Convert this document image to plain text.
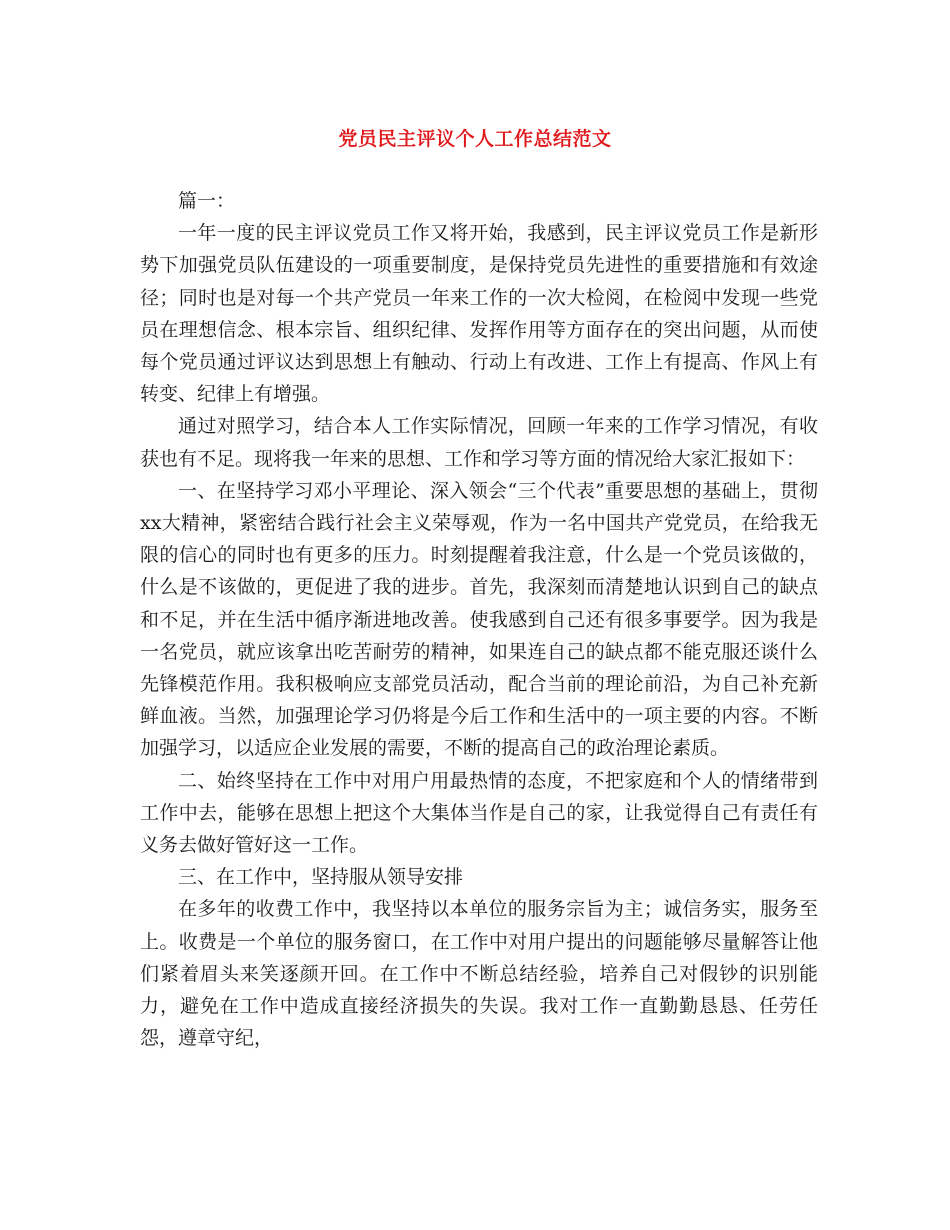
党员民主评议个人工作总结范文

篇一：

一年一度的民主评议党员工作又将开始，我感到，民主评议党员工作是新形势下加强党员队伍建设的一项重要制度，是保持党员先进性的重要措施和有效途径；同时也是对每一个共产党员一年来工作的一次大检阅，在检阅中发现一些党员在理想信念、根本宗旨、组织纪律、发挥作用等方面存在的突出问题，从而使每个党员通过评议达到思想上有触动、行动上有改进、工作上有提高、作风上有转变、纪律上有增强。

通过对照学习，结合本人工作实际情况，回顾一年来的工作学习情况，有收获也有不足。现将我一年来的思想、工作和学习等方面的情况给大家汇报如下：

一、在坚持学习邓小平理论、深入领会“三个代表”重要思想的基础上，贯彻xx大精神，紧密结合践行社会主义荣辱观，作为一名中国共产党党员，在给我无限的信心的同时也有更多的压力。时刻提醒着我注意，什么是一个党员该做的，什么是不该做的，更促进了我的进步。首先，我深刻而清楚地认识到自己的缺点和不足，并在生活中循序渐进地改善。使我感到自己还有很多事要学。因为我是一名党员，就应该拿出吃苦耐劳的精神，如果连自己的缺点都不能克服还谈什么先锋模范作用。我积极响应支部党员活动，配合当前的理论前沿，为自己补充新鲜血液。当然，加强理论学习仍将是今后工作和生活中的一项主要的内容。不断加强学习，以适应企业发展的需要，不断的提高自己的政治理论素质。

二、始终坚持在工作中对用户用最热情的态度，不把家庭和个人的情绪带到工作中去，能够在思想上把这个大集体当作是自己的家，让我觉得自己有责任有义务去做好管好这一工作。

三、在工作中，坚持服从领导安排

在多年的收费工作中，我坚持以本单位的服务宗旨为主；诚信务实，服务至上。收费是一个单位的服务窗口，在工作中对用户提出的问题能够尽量解答让他们紧着眉头来笑逐颜开回。在工作中不断总结经验，培养自己对假钞的识别能力，避免在工作中造成直接经济损失的失误。我对工作一直勤勤恳恳、任劳任怨，遵章守纪，
